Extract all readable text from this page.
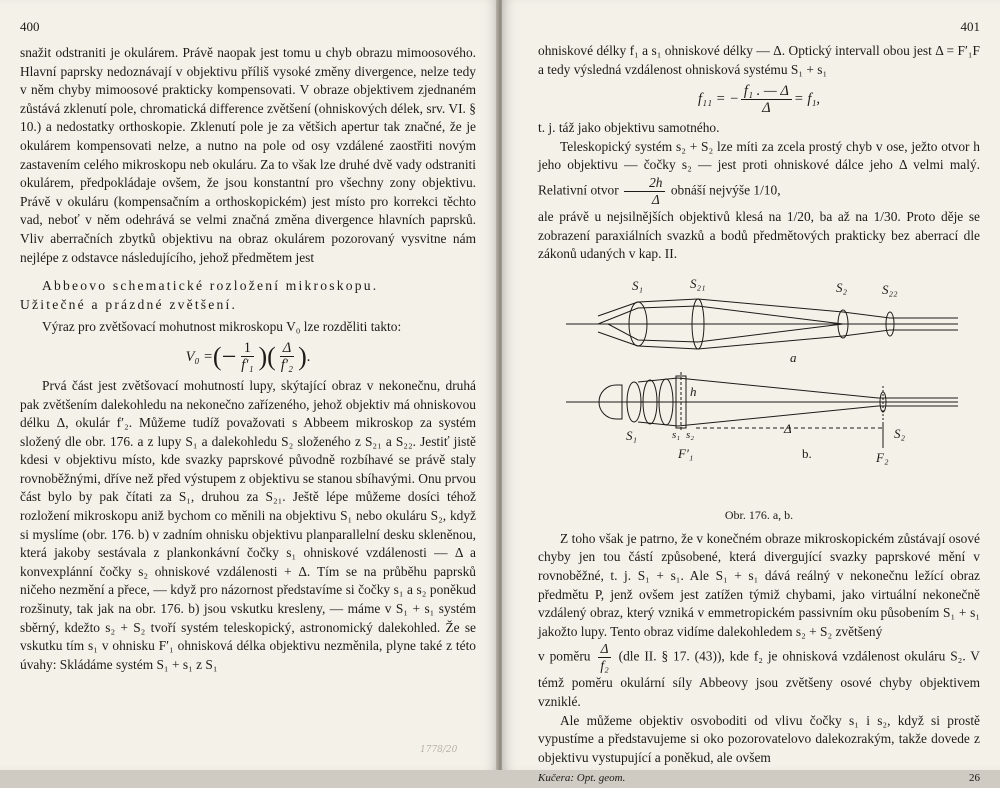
400

snažit odstraniti je okulárem. Právě naopak jest tomu u chyb obrazu mimoosového. Hlavní paprsky nedoznávají v objektivu příliš vysoké změny divergence, nelze tedy v něm chyby mimoosové prakticky kompensovati. V obraze objektivem zjednaném zůstává zklenutí pole, chromatická difference zvětšení (ohniskových délek, srv. VI. § 10.) a nedostatky orthoskopie. Zklenutí pole je za většich apertur tak značné, že je okulárem kompensovati nelze, a nutno na pole od osy vzdálené zaostřiti novým zastavením celého mikroskopu neb okuláru. Za to však lze druhé dvě vady odstraniti okulárem, předpokládaje ovšem, že jsou konstantní pro všechny zony objektivu. Právě v okuláru (kompensačním a orthoskopickém) jest místo pro korrekci těchto vad, neboť v něm odehrává se velmi značná změna divergence hlavních paprsků. Vliv aberračních zbytků objektivu na obraz okulárem pozorovaný vysvitne nám nejlépe z odstavce následujícího, jehož předmětem jest

Abbeovo schematické rozložení mikroskopu.

Užitečné a prázdné zvětšení.

Výraz pro zvětšovací mohutnost mikroskopu V₀ lze rozděliti takto:

V₀ = (− $\frac{1}{\text{f′₁}}$ )( $\frac{\Delta}{\text{f′₂}}$ ) .

Prvá část jest zvětšovací mohutností lupy, skýtající obraz v nekonečnu, druhá pak zvětšením dalekohledu na nekonečno zařízeného, jehož objektiv má ohniskovou délku Δ, okulár f′₂. Můžeme tudíž považovati s Abbeem mikroskop za systém složený dle obr. 176. a z lupy S₁ a dalekohledu S₂ složeného z S₂₁ a S₂₂. Jestiť jistě kdesi v objektivu místo, kde svazky paprskové původně rozbíhavé se právě staly rovnoběžnými, dříve než před výstupem z objektivu se stanou sbíhavými. Onu prvou část bylo by pak čítati za S₁, druhou za S₂₁. Ještě lépe můžeme dosíci téhož rozložení mikroskopu aniž bychom co měnili na objektivu S₁ nebo okuláru S₂, když si myslíme (obr. 176. b) v zadním ohnisku objektivu planparallelní desku skleněnou, která jakoby sestávala z plankonkávní čočky s₁ ohniskové vzdálenosti — Δ a konvexplánní čočky s₂ ohniskové vzdálenosti + Δ. Tím se na průběhu paprsků ničeho nezmění a přece, — když pro názornost představíme si čočky s₁ a s₂ poněkud rozšinuty, tak jak na obr. 176. b) jsou vskutku kresleny, — máme v S₁ + s₁ systém sběrný, kdežto s₂ + S₂ tvoří systém teleskopický, astronomický dalekohled. Že se vskutku tím s₁ v ohnisku F′₁ ohnisková délka objektivu nezměnila, plyne také z této úvahy: Skládáme systém S₁ + s₁ z S₁

401

ohniskové délky f₁ a s₁ ohniskové délky — Δ. Optický intervall obou jest Δ = F′₁F a tedy výsledná vzdálenost ohnisková systému S₁ + s₁

f₁₁ = − $\frac{\text{f₁ . — Δ}}{\Delta} = f_1$,

t. j. táž jako objektivu samotného.

Teleskopický systém s₂ + S₂ lze míti za zcela prostý chyb v ose, ježto otvor h jeho objektivu — čočky s₂ — jest proti ohniskové dálce jeho Δ velmi malý. Relativní otvor $\frac{2h}{\Delta}$ obnáší nejvýše 1/10,

ale právě u nejsilnějších objektivů klesá na 1/20, ba až na 1/30. Proto děje se zobrazení paraxiálních svazků a bodů předmětových prakticky bez aberrací dle zákonů udaných v kap. II.

S₁	S₂₁	S₂	S₂₂
a
S₁	s₁ s₂
h
Δ	S₂
F′₁	F₂
b.
Obr. 176. a, b.

Z toho však je patrno, že v konečném obraze mikroskopickém zůstávají osové chyby jen tou částí způsobené, která divergující svazky paprskové mění v rovnoběžné, t. j. S₁ + s₁. Ale S₁ + s₁ dává reálný v nekonečnu ležící obraz předmětu P, jenž ovšem jest zatížen týmiž chybami, jako virtuální nekonečně vzdálený obraz, který vzniká v emmetropickém passivním oku působením S₁ + s₁ jakožto lupy. Tento obraz vidíme dalekohledem s₂ + S₂ zvětšený

v poměru $\frac{\Delta}{\text{f₂}} (dle$ II. § 17. (43)), kde f₂ je ohnisková vzdálenost okuláru S₂. V témž poměru okulární síly Abbeovy jsou zvětšeny osové chyby objektivem vzniklé.

Ale můžeme objektiv osvoboditi od vlivu čočky s₁ i s₂, když si prostě vypustíme a představujeme si oko pozorovatelovo dalekozrakým, takže dovede z objektivu vystupující a poněkud, ale ovšem

Kučera: Opt. geom.	26
1778/20
